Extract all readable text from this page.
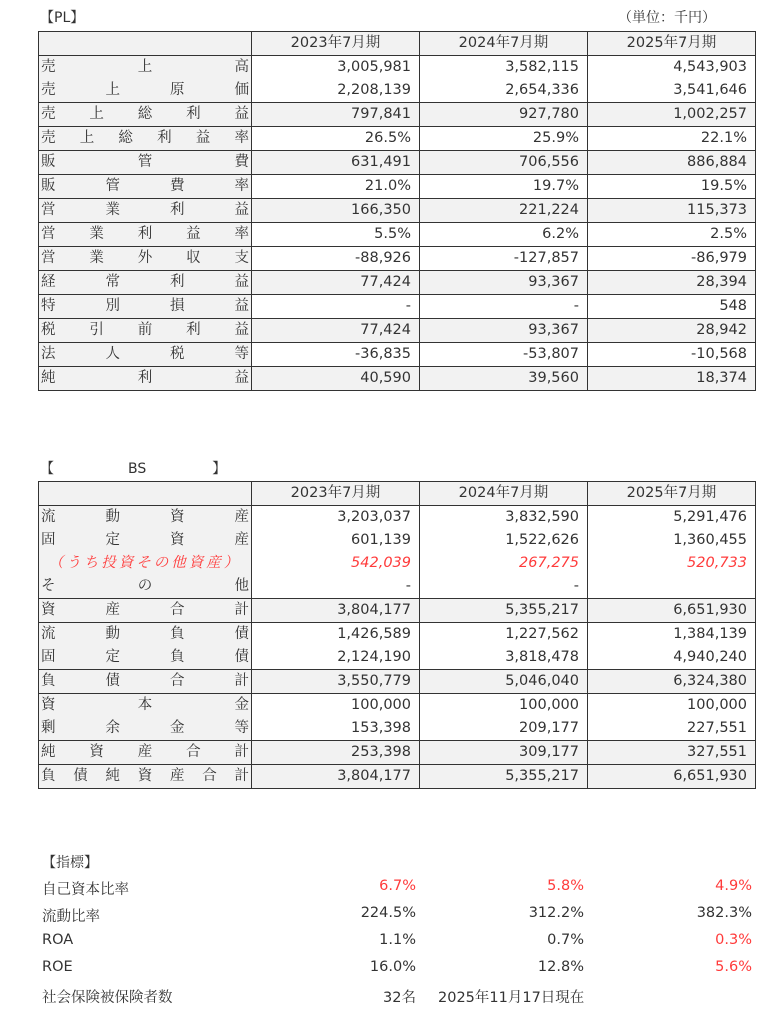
【PL】	（単位：千円）
	2023年7月期	2024年7月期	2025年7月期

売上高	3,005,981	3,582,115	4,543,903

売上原価	2,208,139	2,654,336	3,541,646

売上総利益	797,841	927,780	1,002,257

売上総利益率	26.5%	25.9%	22.1%

販管費	631,491	706,556	886,884

販管費率	21.0%	19.7%	19.5%

営業利益	166,350	221,224	115,373

営業利益率	5.5%	6.2%	2.5%

営業外収支	-88,926	-127,857	-86,979

経常利益	77,424	93,367	28,394

特別損益	-	-	548

税引前利益	77,424	93,367	28,942

法人税等	-36,835	-53,807	-10,568

純利益	40,590	39,560	18,374
【	BS	】
	2023年7月期	2024年7月期	2025年7月期

流動資産	3,203,037	3,832,590	5,291,476

固定資産	601,139	1,522,626	1,360,455

（うち投資その他資産）	542,039	267,275	520,733

その他	-	-	

資産合計	3,804,177	5,355,217	6,651,930

流動負債	1,426,589	1,227,562	1,384,139

固定負債	2,124,190	3,818,478	4,940,240

負債合計	3,550,779	5,046,040	6,324,380

資本金	100,000	100,000	100,000

剰余金等	153,398	209,177	227,551

純資産合計	253,398	309,177	327,551

負債純資産合計	3,804,177	5,355,217	6,651,930
【指標】
自己資本比率	6.7%	5.8%	4.9%
流動比率	224.5%	312.2%	382.3%
ROA	1.1%	0.7%	0.3%
ROE	16.0%	12.8%	5.6%
社会保険被保険者数	32名 2025年11月17日現在
